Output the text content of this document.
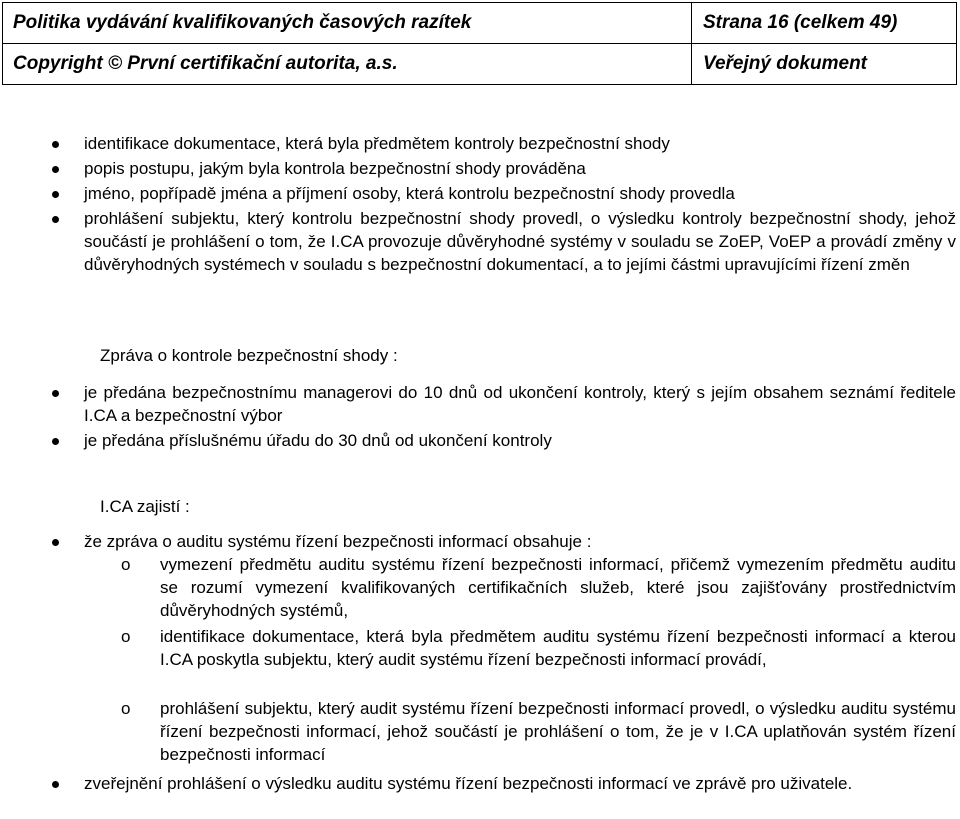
Politika vydávání kvalifikovaných časových razítek	Strana 16 (celkem 49)
Copyright © První certifikační autorita, a.s.	Veřejný dokument
identifikace dokumentace, která byla předmětem kontroly bezpečnostní shody
popis postupu, jakým byla kontrola bezpečnostní shody prováděna
jméno, popřípadě jména a příjmení osoby, která kontrolu bezpečnostní shody provedla
prohlášení subjektu, který kontrolu bezpečnostní shody provedl, o výsledku kontroly bezpečnostní shody, jehož součástí je prohlášení o tom, že I.CA provozuje důvěryhodné systémy v souladu se ZoEP, VoEP a provádí změny v důvěryhodných systémech v souladu s bezpečnostní dokumentací, a to jejími částmi upravujícími řízení změn
Zpráva o kontrole bezpečnostní shody :
je předána bezpečnostnímu managerovi do 10 dnů od ukončení kontroly, který s jejím obsahem seznámí ředitele I.CA a bezpečnostní výbor
je předána příslušnému úřadu do 30 dnů od ukončení kontroly
I.CA zajistí :
že zpráva o auditu systému řízení bezpečnosti informací obsahuje :
o vymezení předmětu auditu systému řízení bezpečnosti informací, přičemž vymezením předmětu auditu se rozumí vymezení kvalifikovaných certifikačních služeb, které jsou zajišťovány prostřednictvím důvěryhodných systémů,
o identifikace dokumentace, která byla předmětem auditu systému řízení bezpečnosti informací a kterou I.CA poskytla subjektu, který audit systému řízení bezpečnosti informací provádí,
o prohlášení subjektu, který audit systému řízení bezpečnosti informací provedl, o výsledku auditu systému řízení bezpečnosti informací, jehož součástí je prohlášení o tom, že je v I.CA uplatňován systém řízení bezpečnosti informací
zveřejnění prohlášení o výsledku auditu systému řízení bezpečnosti informací ve zprávě pro uživatele.
